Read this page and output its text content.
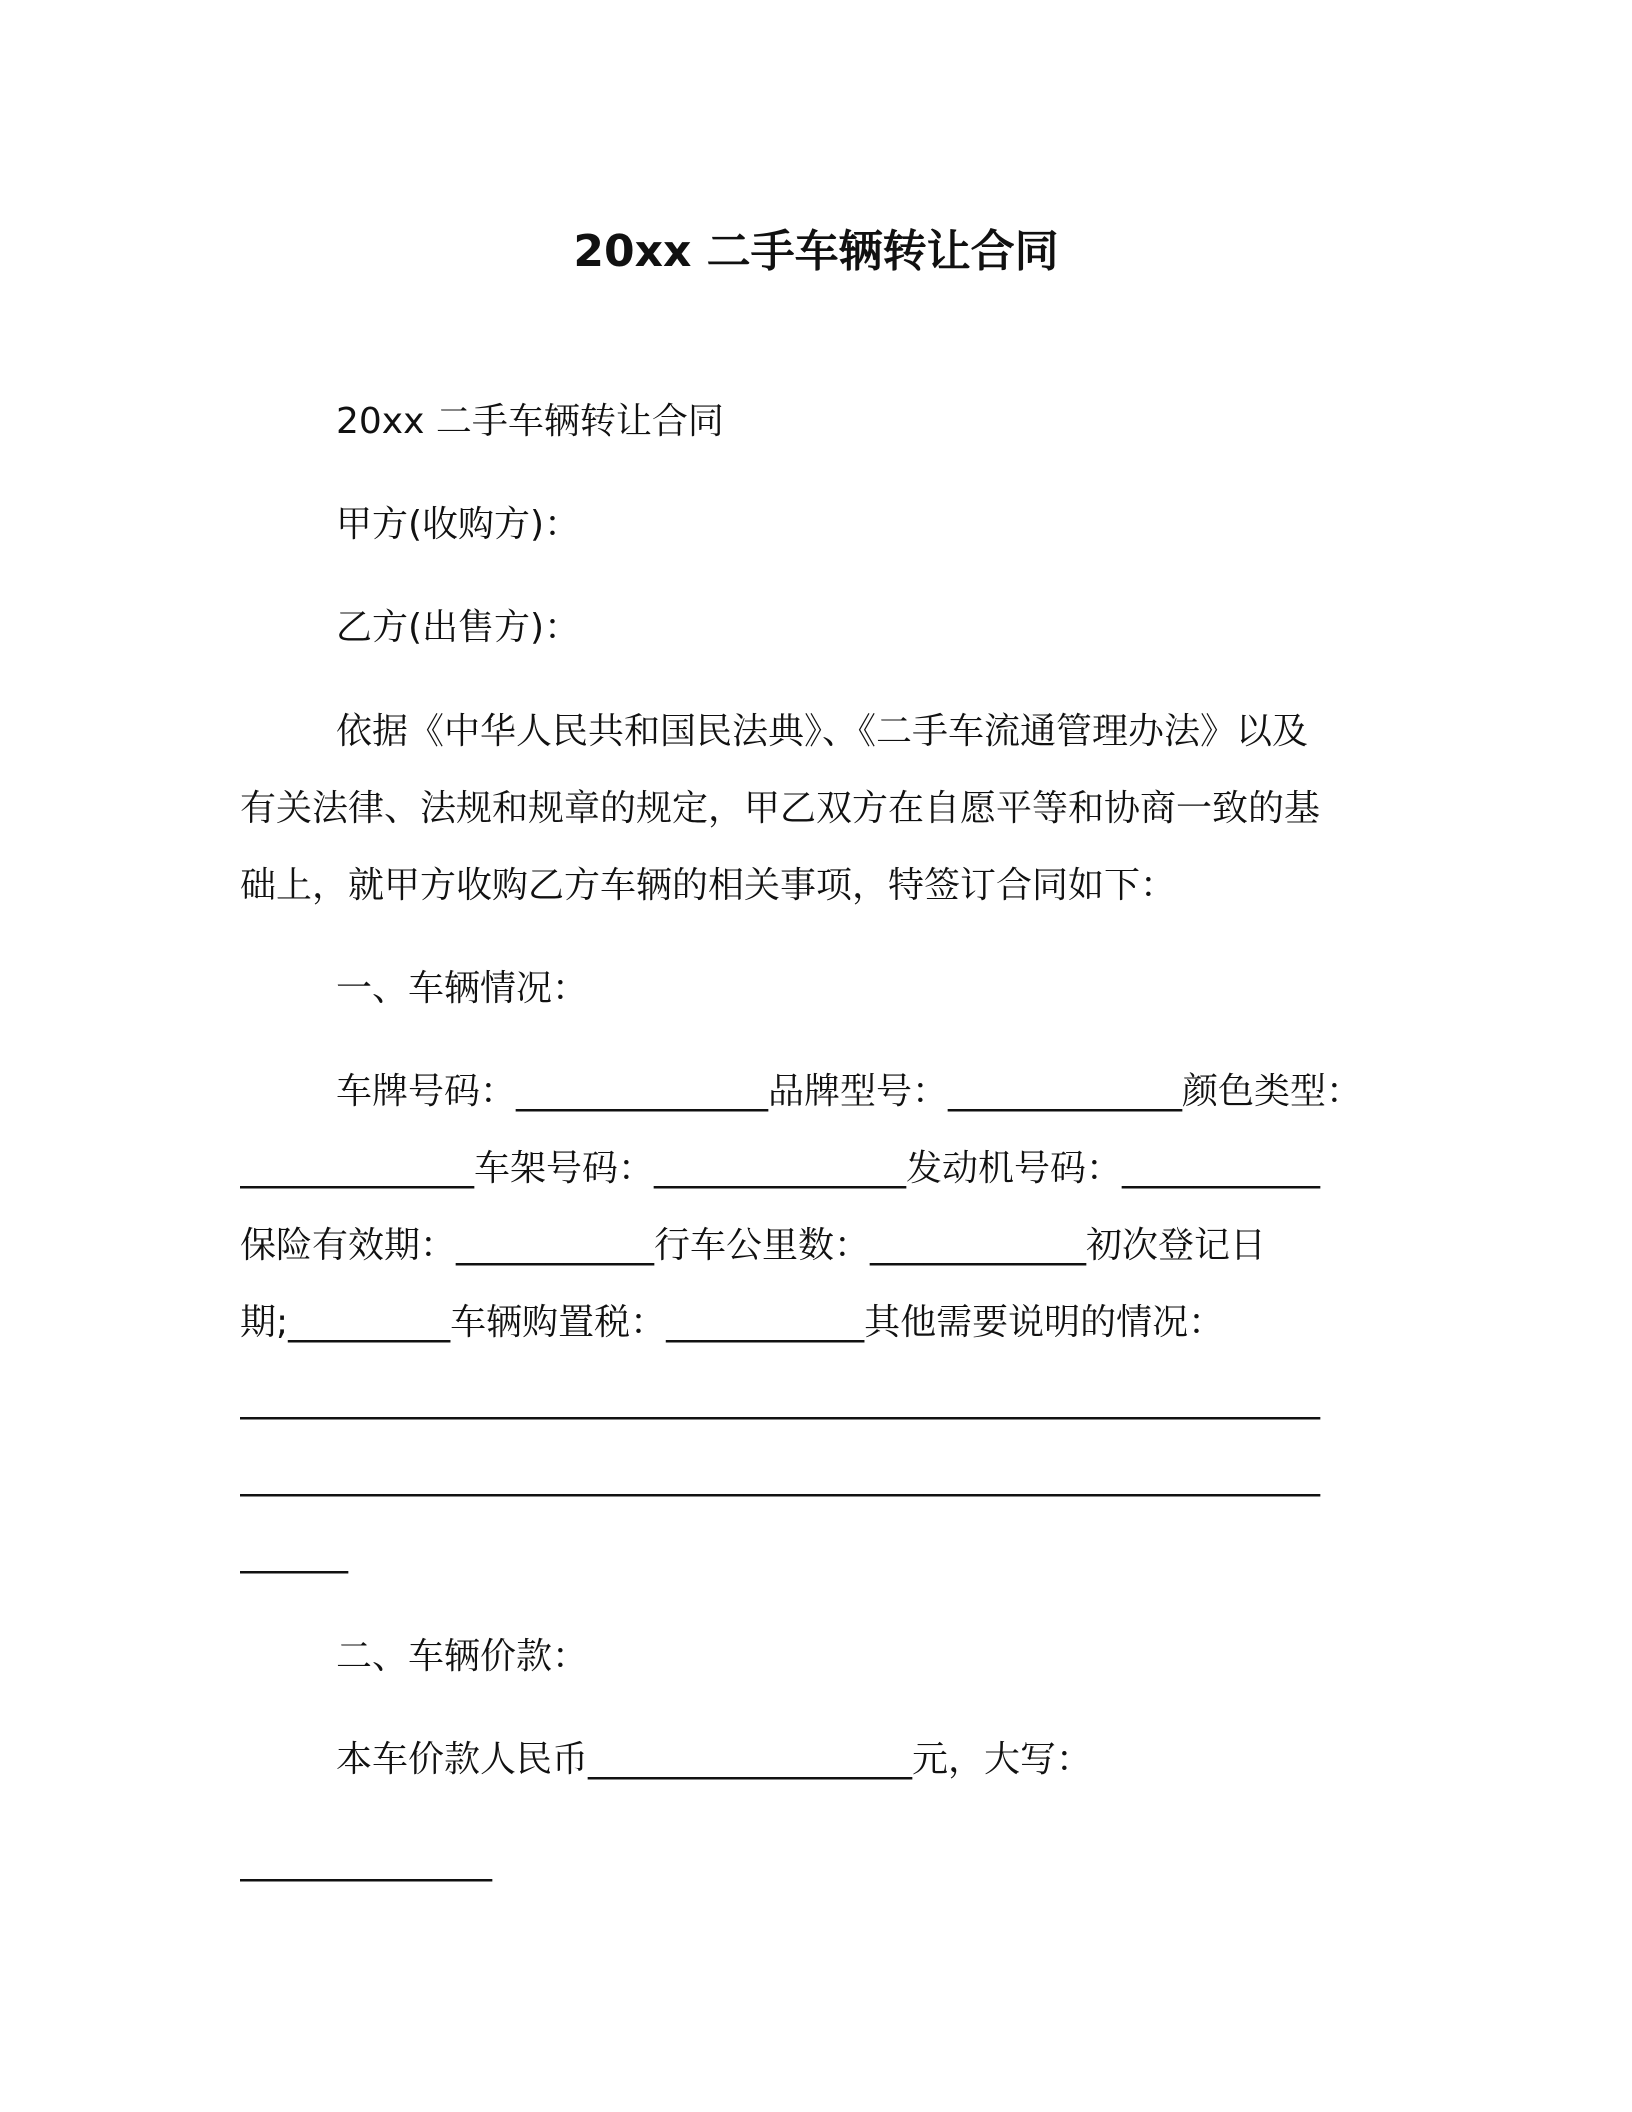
20xx 二手车辆转让合同
20xx 二手车辆转让合同
甲方(收购方)：
乙方(出售方)：
依据《中华人民共和国民法典》、《二手车流通管理办法》以及
有关法律、法规和规章的规定，甲乙双方在自愿平等和协商一致的基
础上，就甲方收购乙方车辆的相关事项，特签订合同如下：
一、车辆情况：
车牌号码：______________品牌型号：_____________颜色类型：
_____________车架号码：______________发动机号码：___________
保险有效期：___________行车公里数：____________初次登记日
期;_________车辆购置税：___________其他需要说明的情况：
____________________________________________________________
____________________________________________________________
______
二、车辆价款：
本车价款人民币__________________元，大写：
______________
